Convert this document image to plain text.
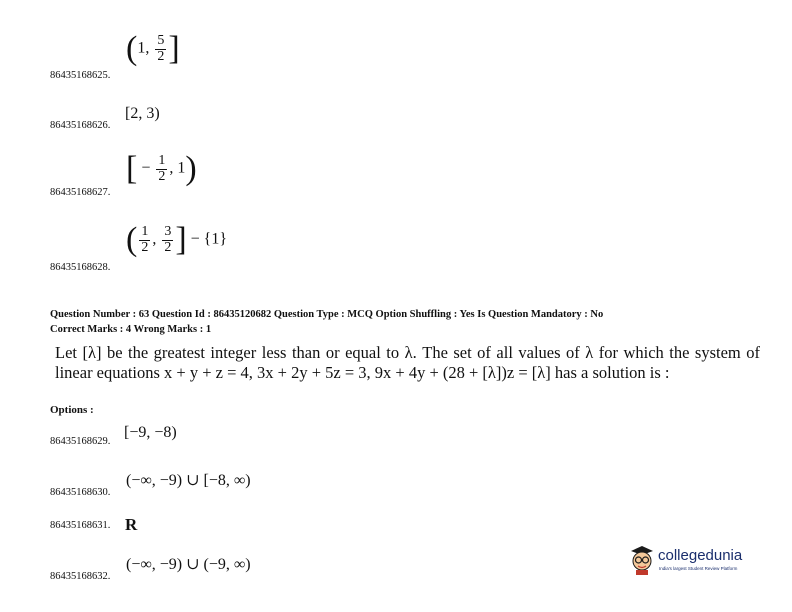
86435168625.
(1, $\frac{5}{2}$ ]
86435168626.
[2, 3)
86435168627.
[ − $\frac{1}{2}$ , 1)
86435168628.
( $\frac{1}{2}$ , $\frac{3}{2}$ ] − {1}
Question Number : 63 Question Id : 86435120682 Question Type : MCQ Option Shuffling : Yes Is Question Mandatory : No
Correct Marks : 4 Wrong Marks : 1
Let [λ] be the greatest integer less than or equal to λ. The set of all values of λ for which the system of linear equations x + y + z = 4, 3x + 2y + 5z = 3, 9x + 4y + (28 + [λ])z = [λ] has a solution is :
Options :
86435168629.
[−9, −8)
86435168630.
(−∞, −9) ∪ [−8, ∞)
86435168631. R
86435168632.
(−∞, −9) ∪ (−9, ∞)
collegedunia
India's largest Student Review Platform
